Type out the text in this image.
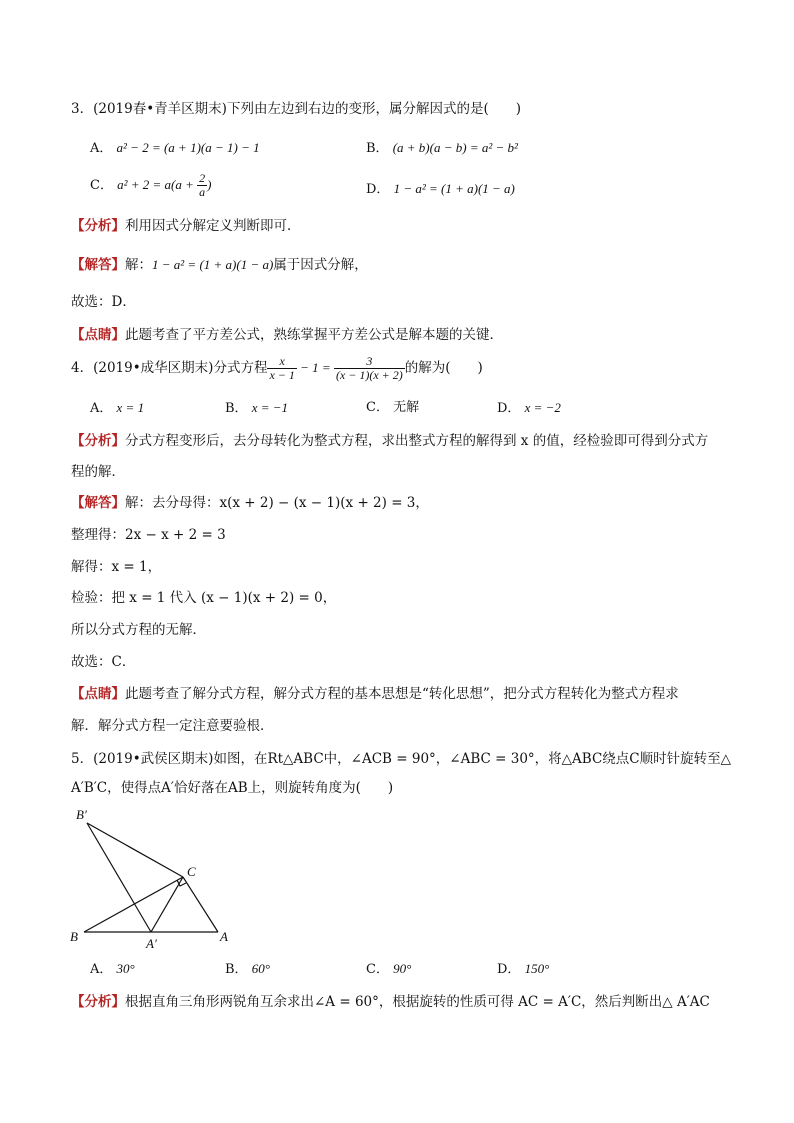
3．(2019春•青羊区期末)下列由左边到右边的变形，属分解因式的是(　　)
A． a² − 2 = (a + 1)(a − 1) − 1	B． (a + b)(a − b) = a² − b²
C． $a^2 + 2 = a(a + \frac{2}{a}$ )	D． 1 − a² = (1 + a)(1 − a)
【分析】利用因式分解定义判断即可．
【解答】解：1 − a² = (1 + a)(1 − a)属于因式分解，
故选：D．
【点睛】此题考查了平方差公式，熟练掌握平方差公式是解本题的关键．
4．(2019•成华区期末)分式方程 $\frac{x}{x - 1} - 1 = \frac{3}{(x - 1)(x + 2)}$ 的解为(　　)
A． x = 1	B． x = −1	C． 无解	D． x = −2
【分析】分式方程变形后，去分母转化为整式方程，求出整式方程的解得到 x 的值，经检验即可得到分式方
程的解．
【解答】解：去分母得：x(x + 2) − (x − 1)(x + 2) = 3，
整理得：2x − x + 2 = 3
解得：x = 1，
检验：把 x = 1 代入 (x − 1)(x + 2) = 0，
所以分式方程的无解．
故选：C．
【点睛】此题考查了解分式方程，解分式方程的基本思想是“转化思想”，把分式方程转化为整式方程求
解．解分式方程一定注意要验根．
5．(2019•武侯区期末)如图，在Rt△ABC中，∠ACB = 90°，∠ABC = 30°，将△ABC绕点C顺时针旋转至△
A′B′C，使得点A′恰好落在AB上，则旋转角度为(　　)
B′
C
B	A′	A
A． 30°	B． 60°	C． 90°	D． 150°
【分析】根据直角三角形两锐角互余求出∠A = 60°，根据旋转的性质可得 AC = A′C，然后判断出△ A′AC
